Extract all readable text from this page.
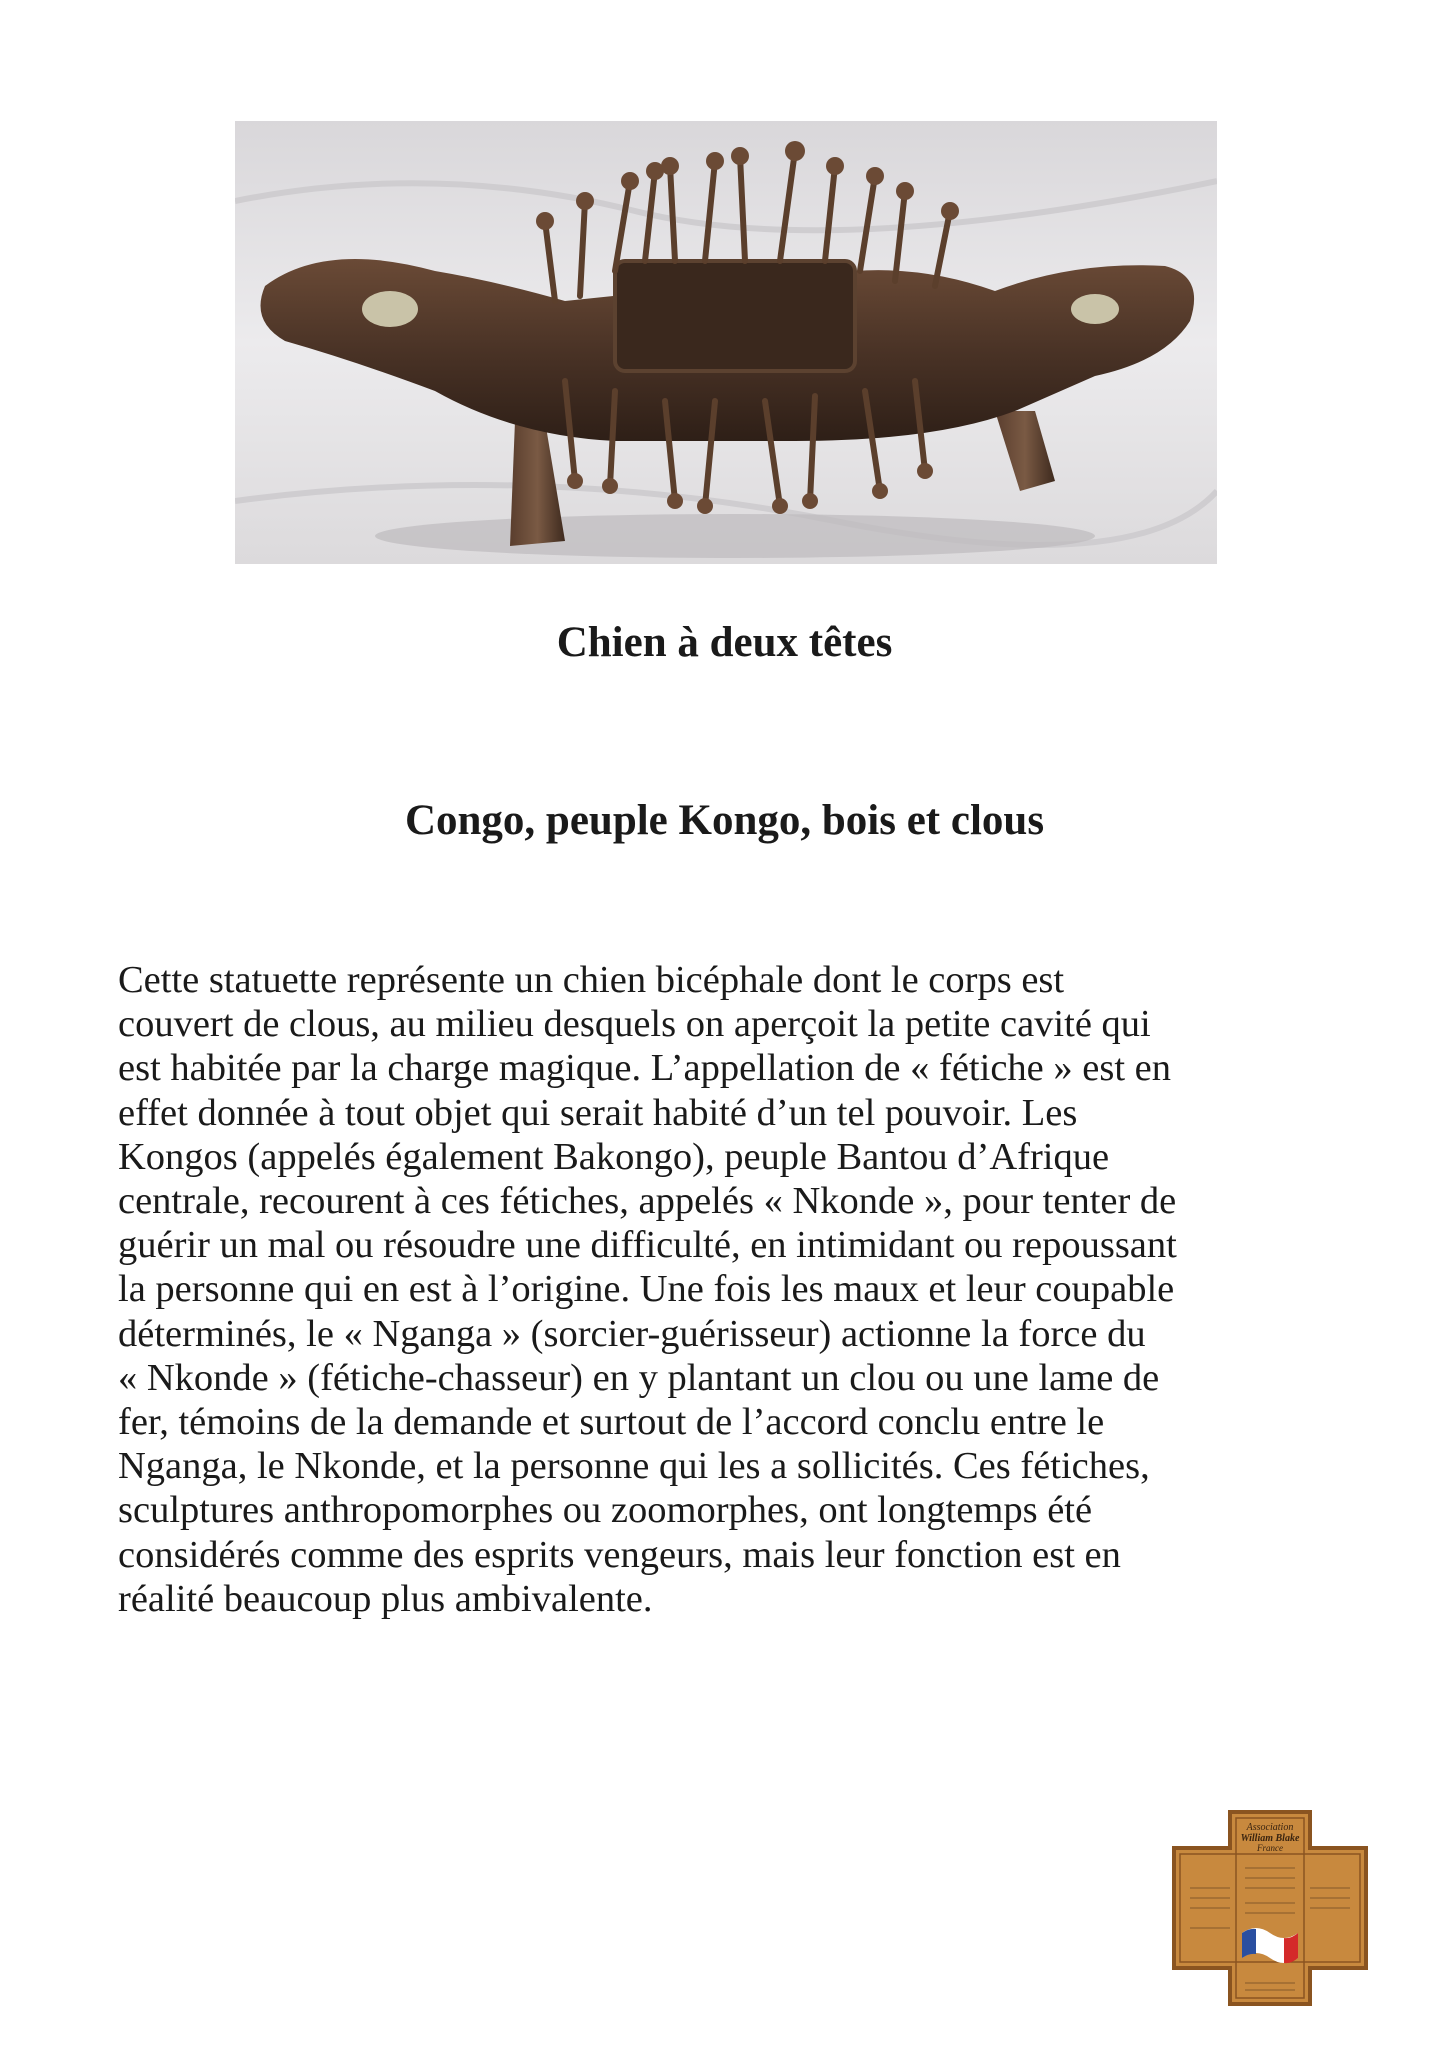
Chien à deux têtes
Congo, peuple Kongo, bois et clous
Cette statuette représente un chien bicéphale dont le corps est
couvert de clous, au milieu desquels on aperçoit la petite cavité qui
est habitée par la charge magique. L’appellation de « fétiche » est en
effet donnée à tout objet qui serait habité d’un tel pouvoir. Les
Kongos (appelés également Bakongo), peuple Bantou d’Afrique
centrale, recourent à ces fétiches, appelés « Nkonde », pour tenter de
guérir un mal ou résoudre une difficulté, en intimidant ou repoussant
la personne qui en est à l’origine. Une fois les maux et leur coupable
déterminés, le « Nganga » (sorcier-guérisseur) actionne la force du
« Nkonde » (fétiche-chasseur) en y plantant un clou ou une lame de
fer, témoins de la demande et surtout de l’accord conclu entre le
Nganga, le Nkonde, et la personne qui les a sollicités. Ces fétiches,
sculptures anthropomorphes ou zoomorphes, ont longtemps été
considérés comme des esprits vengeurs, mais leur fonction est en
réalité beaucoup plus ambivalente.
Association
William Blake
France
